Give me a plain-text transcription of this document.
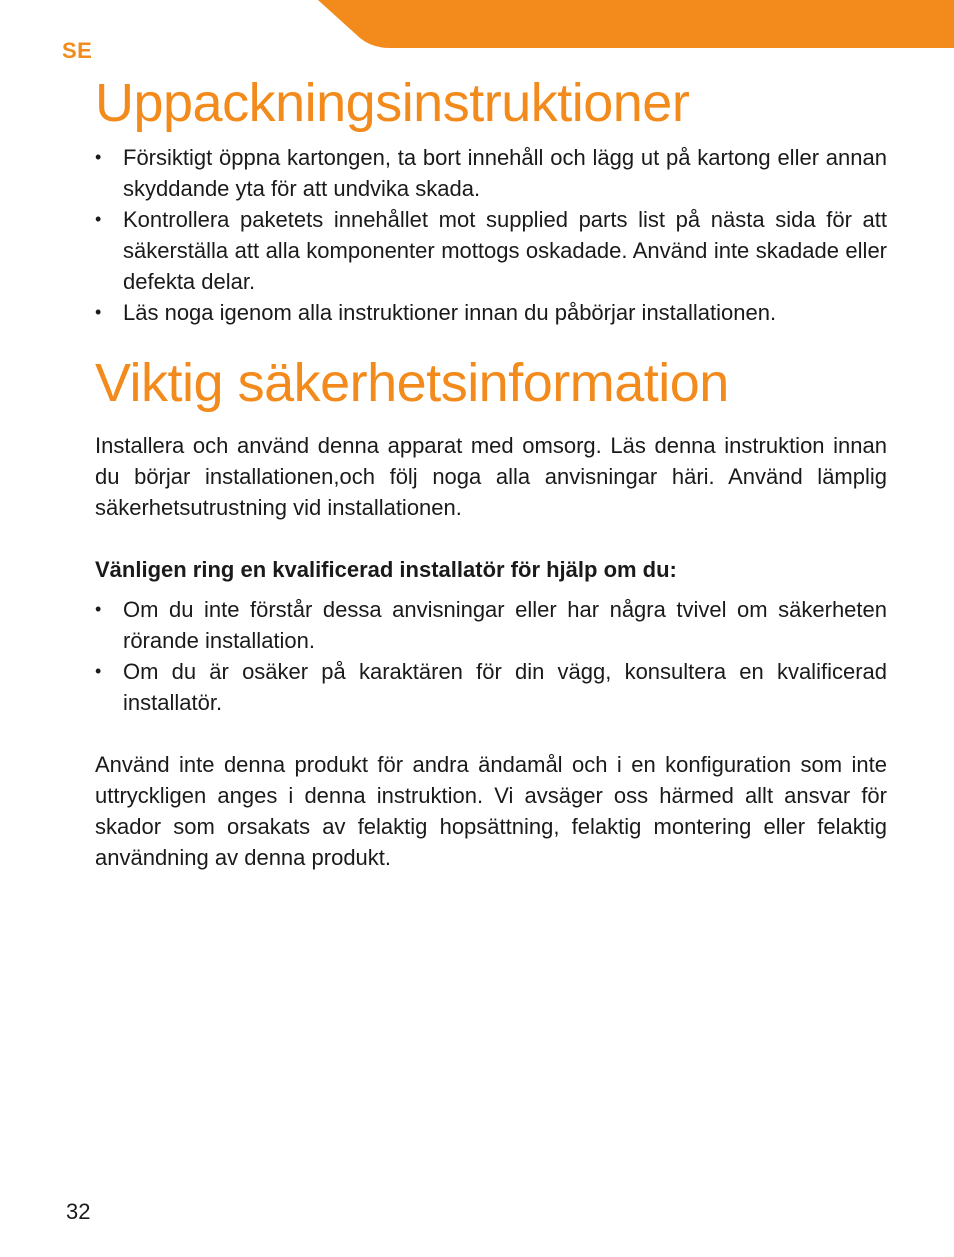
SE
Uppackningsinstruktioner
• Försiktigt öppna kartongen, ta bort innehåll och lägg ut på kartong eller annan skyddande yta för att undvika skada.
• Kontrollera paketets innehållet mot supplied parts list på nästa sida för att säkerställa att alla komponenter mottogs oskadade. Använd inte skadade eller defekta delar.
• Läs noga igenom alla instruktioner innan du påbörjar installationen.
Viktig säkerhetsinformation

Installera och använd denna apparat med omsorg. Läs denna instruktion innan du börjar installationen,och följ noga alla anvisningar häri. Använd lämplig säkerhetsutrustning vid installationen.

Vänligen ring en kvalificerad installatör för hjälp om du:

• Om du inte förstår dessa anvisningar eller har några tvivel om säkerheten rörande installation.
• Om du är osäker på karaktären för din vägg, konsultera en kvalificerad installatör.

Använd inte denna produkt för andra ändamål och i en konfiguration som inte uttryckligen anges i denna instruktion. Vi avsäger oss härmed allt ansvar för skador som orsakats av felaktig hopsättning, felaktig montering eller felaktig användning av denna produkt.

32
